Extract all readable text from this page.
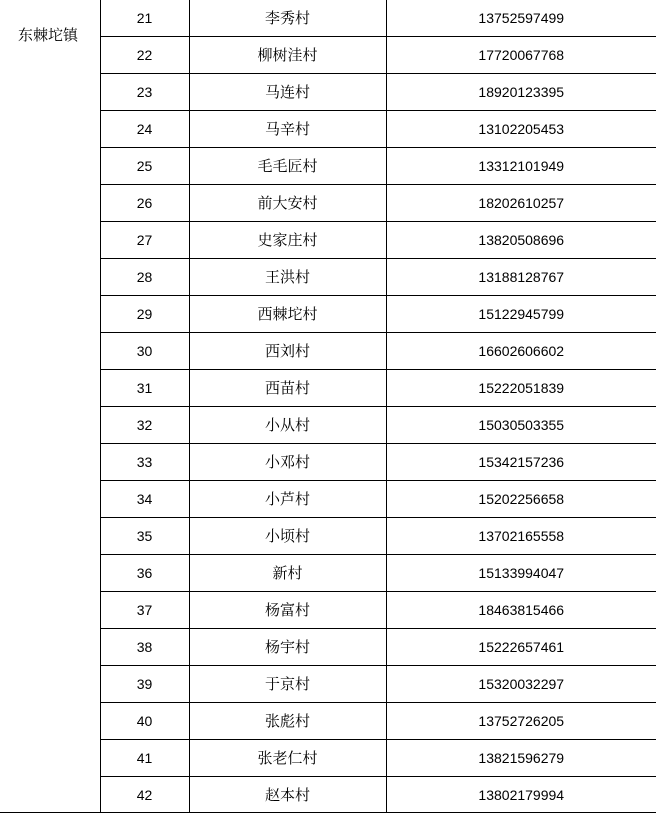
东棘坨镇	21	李秀村	13752597499
	22	柳树洼村	17720067768
	23	马连村	18920123395
	24	马辛村	13102205453
	25	毛毛匠村	13312101949
	26	前大安村	18202610257
	27	史家庄村	13820508696
	28	王洪村	13188128767
	29	西棘坨村	15122945799
	30	西刘村	16602606602
	31	西苗村	15222051839
	32	小从村	15030503355
	33	小邓村	15342157236
	34	小芦村	15202256658
	35	小顷村	13702165558
	36	新村	15133994047
	37	杨富村	18463815466
	38	杨宇村	15222657461
	39	于京村	15320032297
	40	张彪村	13752726205
	41	张老仁村	13821596279
	42	赵本村	13802179994
